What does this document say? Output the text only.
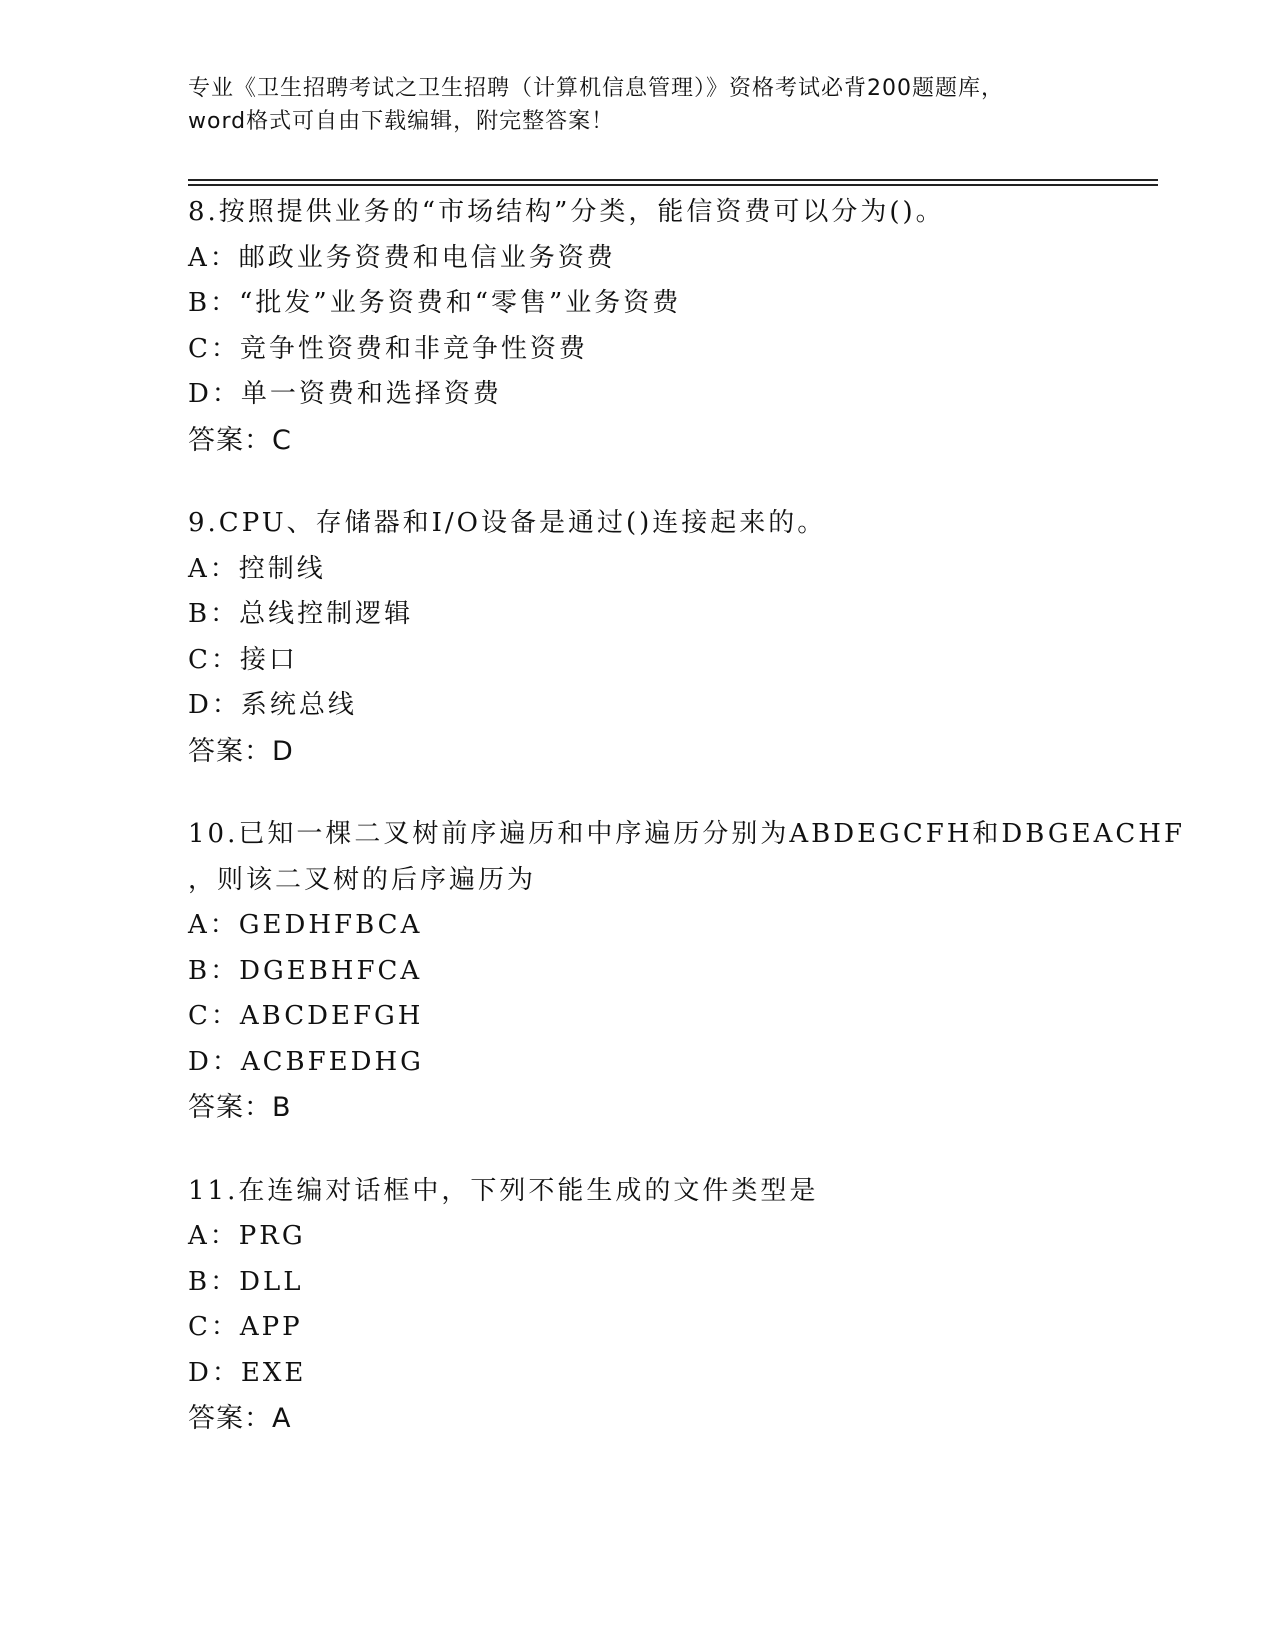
专业《卫生招聘考试之卫生招聘（计算机信息管理）》资格考试必背200题题库，
word格式可自由下载编辑，附完整答案！
8.按照提供业务的“市场结构”分类，能信资费可以分为()。
A：邮政业务资费和电信业务资费
B：“批发”业务资费和“零售”业务资费
C：竞争性资费和非竞争性资费
D：单一资费和选择资费
答案：C
9.CPU、存储器和I/O设备是通过()连接起来的。
A：控制线
B：总线控制逻辑
C：接口
D：系统总线
答案：D
10.已知一棵二叉树前序遍历和中序遍历分别为ABDEGCFH和DBGEACHF
，则该二叉树的后序遍历为
A：GEDHFBCA
B：DGEBHFCA
C：ABCDEFGH
D：ACBFEDHG
答案：B
11.在连编对话框中，下列不能生成的文件类型是
A：PRG
B：DLL
C：APP
D：EXE
答案：A
